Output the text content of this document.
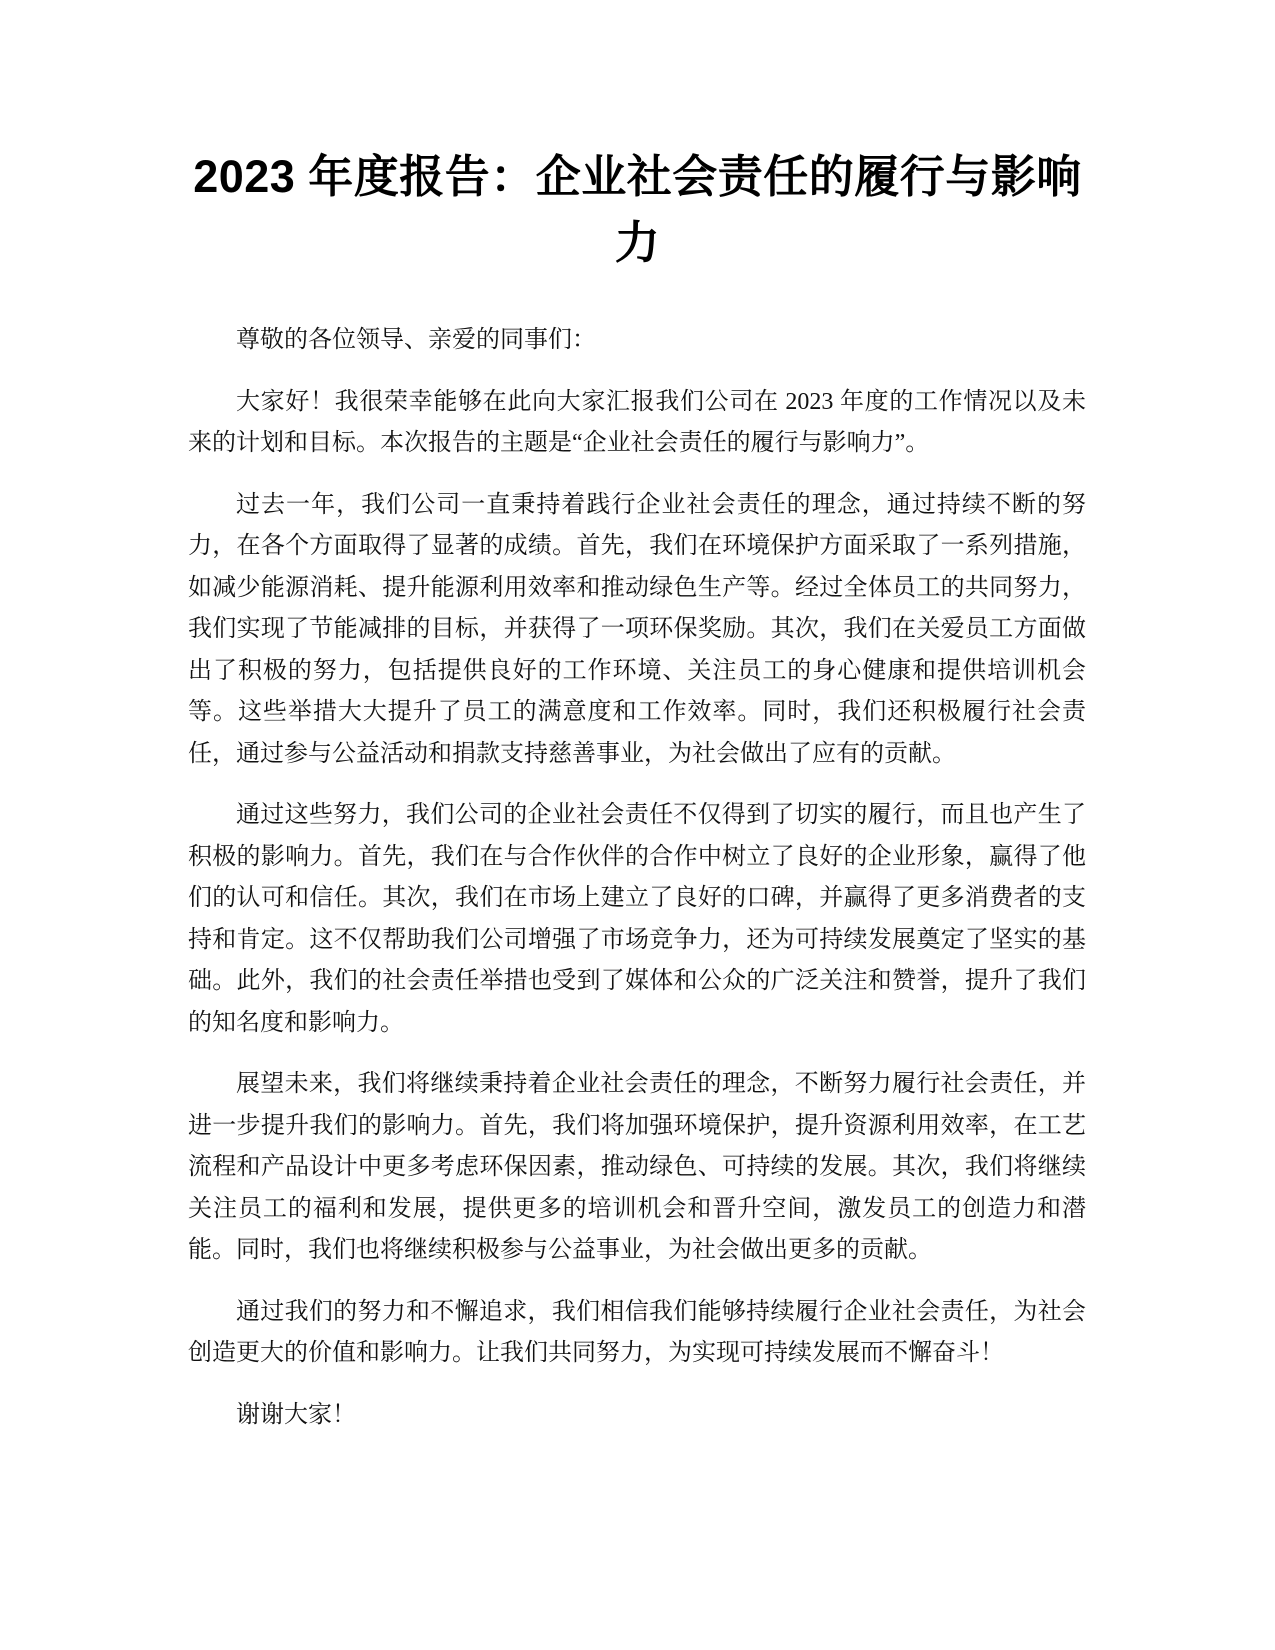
2023 年度报告：企业社会责任的履行与影响力

尊敬的各位领导、亲爱的同事们：

大家好！我很荣幸能够在此向大家汇报我们公司在 2023 年度的工作情况以及未来的计划和目标。本次报告的主题是“企业社会责任的履行与影响力”。

过去一年，我们公司一直秉持着践行企业社会责任的理念，通过持续不断的努力，在各个方面取得了显著的成绩。首先，我们在环境保护方面采取了一系列措施，如减少能源消耗、提升能源利用效率和推动绿色生产等。经过全体员工的共同努力，我们实现了节能减排的目标，并获得了一项环保奖励。其次，我们在关爱员工方面做出了积极的努力，包括提供良好的工作环境、关注员工的身心健康和提供培训机会等。这些举措大大提升了员工的满意度和工作效率。同时，我们还积极履行社会责任，通过参与公益活动和捐款支持慈善事业，为社会做出了应有的贡献。

通过这些努力，我们公司的企业社会责任不仅得到了切实的履行，而且也产生了积极的影响力。首先，我们在与合作伙伴的合作中树立了良好的企业形象，赢得了他们的认可和信任。其次，我们在市场上建立了良好的口碑，并赢得了更多消费者的支持和肯定。这不仅帮助我们公司增强了市场竞争力，还为可持续发展奠定了坚实的基础。此外，我们的社会责任举措也受到了媒体和公众的广泛关注和赞誉，提升了我们的知名度和影响力。

展望未来，我们将继续秉持着企业社会责任的理念，不断努力履行社会责任，并进一步提升我们的影响力。首先，我们将加强环境保护，提升资源利用效率，在工艺流程和产品设计中更多考虑环保因素，推动绿色、可持续的发展。其次，我们将继续关注员工的福利和发展，提供更多的培训机会和晋升空间，激发员工的创造力和潜能。同时，我们也将继续积极参与公益事业，为社会做出更多的贡献。

通过我们的努力和不懈追求，我们相信我们能够持续履行企业社会责任，为社会创造更大的价值和影响力。让我们共同努力，为实现可持续发展而不懈奋斗！

谢谢大家！
